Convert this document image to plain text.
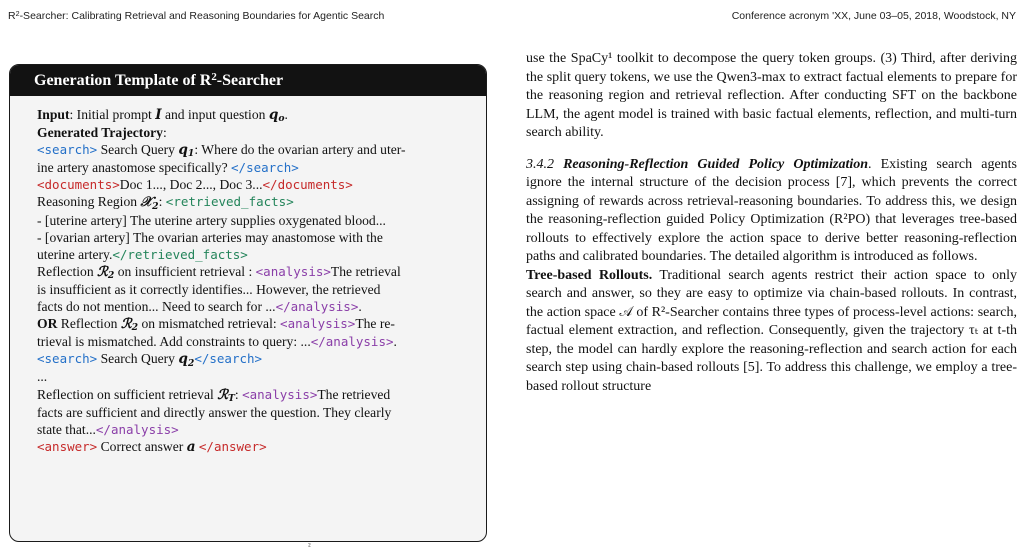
$R^2$-Searcher: Calibrating Retrieval and Reasoning Boundaries for Agentic Search	Conference acronym 'XX, June 03–05, 2018, Woodstock, NY
Generation Template of $R^2$-Searcher
Input: Initial prompt I and input question $q_o$.
Generated Trajectory:
<search> Search Query $q_1$: Where do the ovarian artery and uter-
ine artery anastomose specifically? </search>
<documents>Doc 1..., Doc 2..., Doc 3...</documents>
Reasoning Region 𝒳$_2$: <retrieved_facts>
- [uterine artery] The uterine artery supplies oxygenated blood...
- [ovarian artery] The ovarian arteries may anastomose with the
uterine artery.</retrieved_facts>
Reflection ℛ$_2$ on insufficient retrieval : <analysis>The retrieval
is insufficient as it correctly identifies... However, the retrieved
facts do not mention... Need to search for ...</analysis>.
OR Reflection ℛ$_2$ on mismatched retrieval: <analysis>The re-
trieval is mismatched. Add constraints to query: ...</analysis>.
<search> Search Query $q_2</search>$
...
Reflection on sufficient retrieval ℛ$_T$: <analysis>The retrieved
facts are sufficient and directly answer the question. They clearly
state that...</analysis>
<answer> Correct answer a </answer>

use the SpaCy¹ toolkit to decompose the query token groups. (3) Third, after deriving the split query tokens, we use the Qwen3-max to extract factual elements to prepare for the reasoning region and retrieval reflection. After conducting SFT on the backbone LLM, the agent model is trained with basic factual elements, reflection, and multi-turn search ability.

3.4.2 Reasoning-Reflection Guided Policy Optimization. Existing search agents ignore the internal structure of the decision process [7], which prevents the correct assigning of rewards across retrieval-reasoning boundaries. To address this, we design the reasoning-reflection guided Policy Optimization (R²PO) that leverages tree-based rollouts to effectively explore the action space to derive better reasoning-reflection paths and calibrated boundaries. The detailed algorithm is introduced as follows.

Tree-based Rollouts. Traditional search agents restrict their action space to only search and answer, so they are easy to optimize via chain-based rollouts. In contrast, the action space 𝒜 of R²-Searcher contains three types of process-level actions: search, factual element extraction, and reflection. Consequently, given the trajectory τₜ at t-th step, the model can hardly explore the reasoning-reflection and search action for each search step using chain-based rollouts [5]. To address this challenge, we employ a tree-based rollout structure

²
